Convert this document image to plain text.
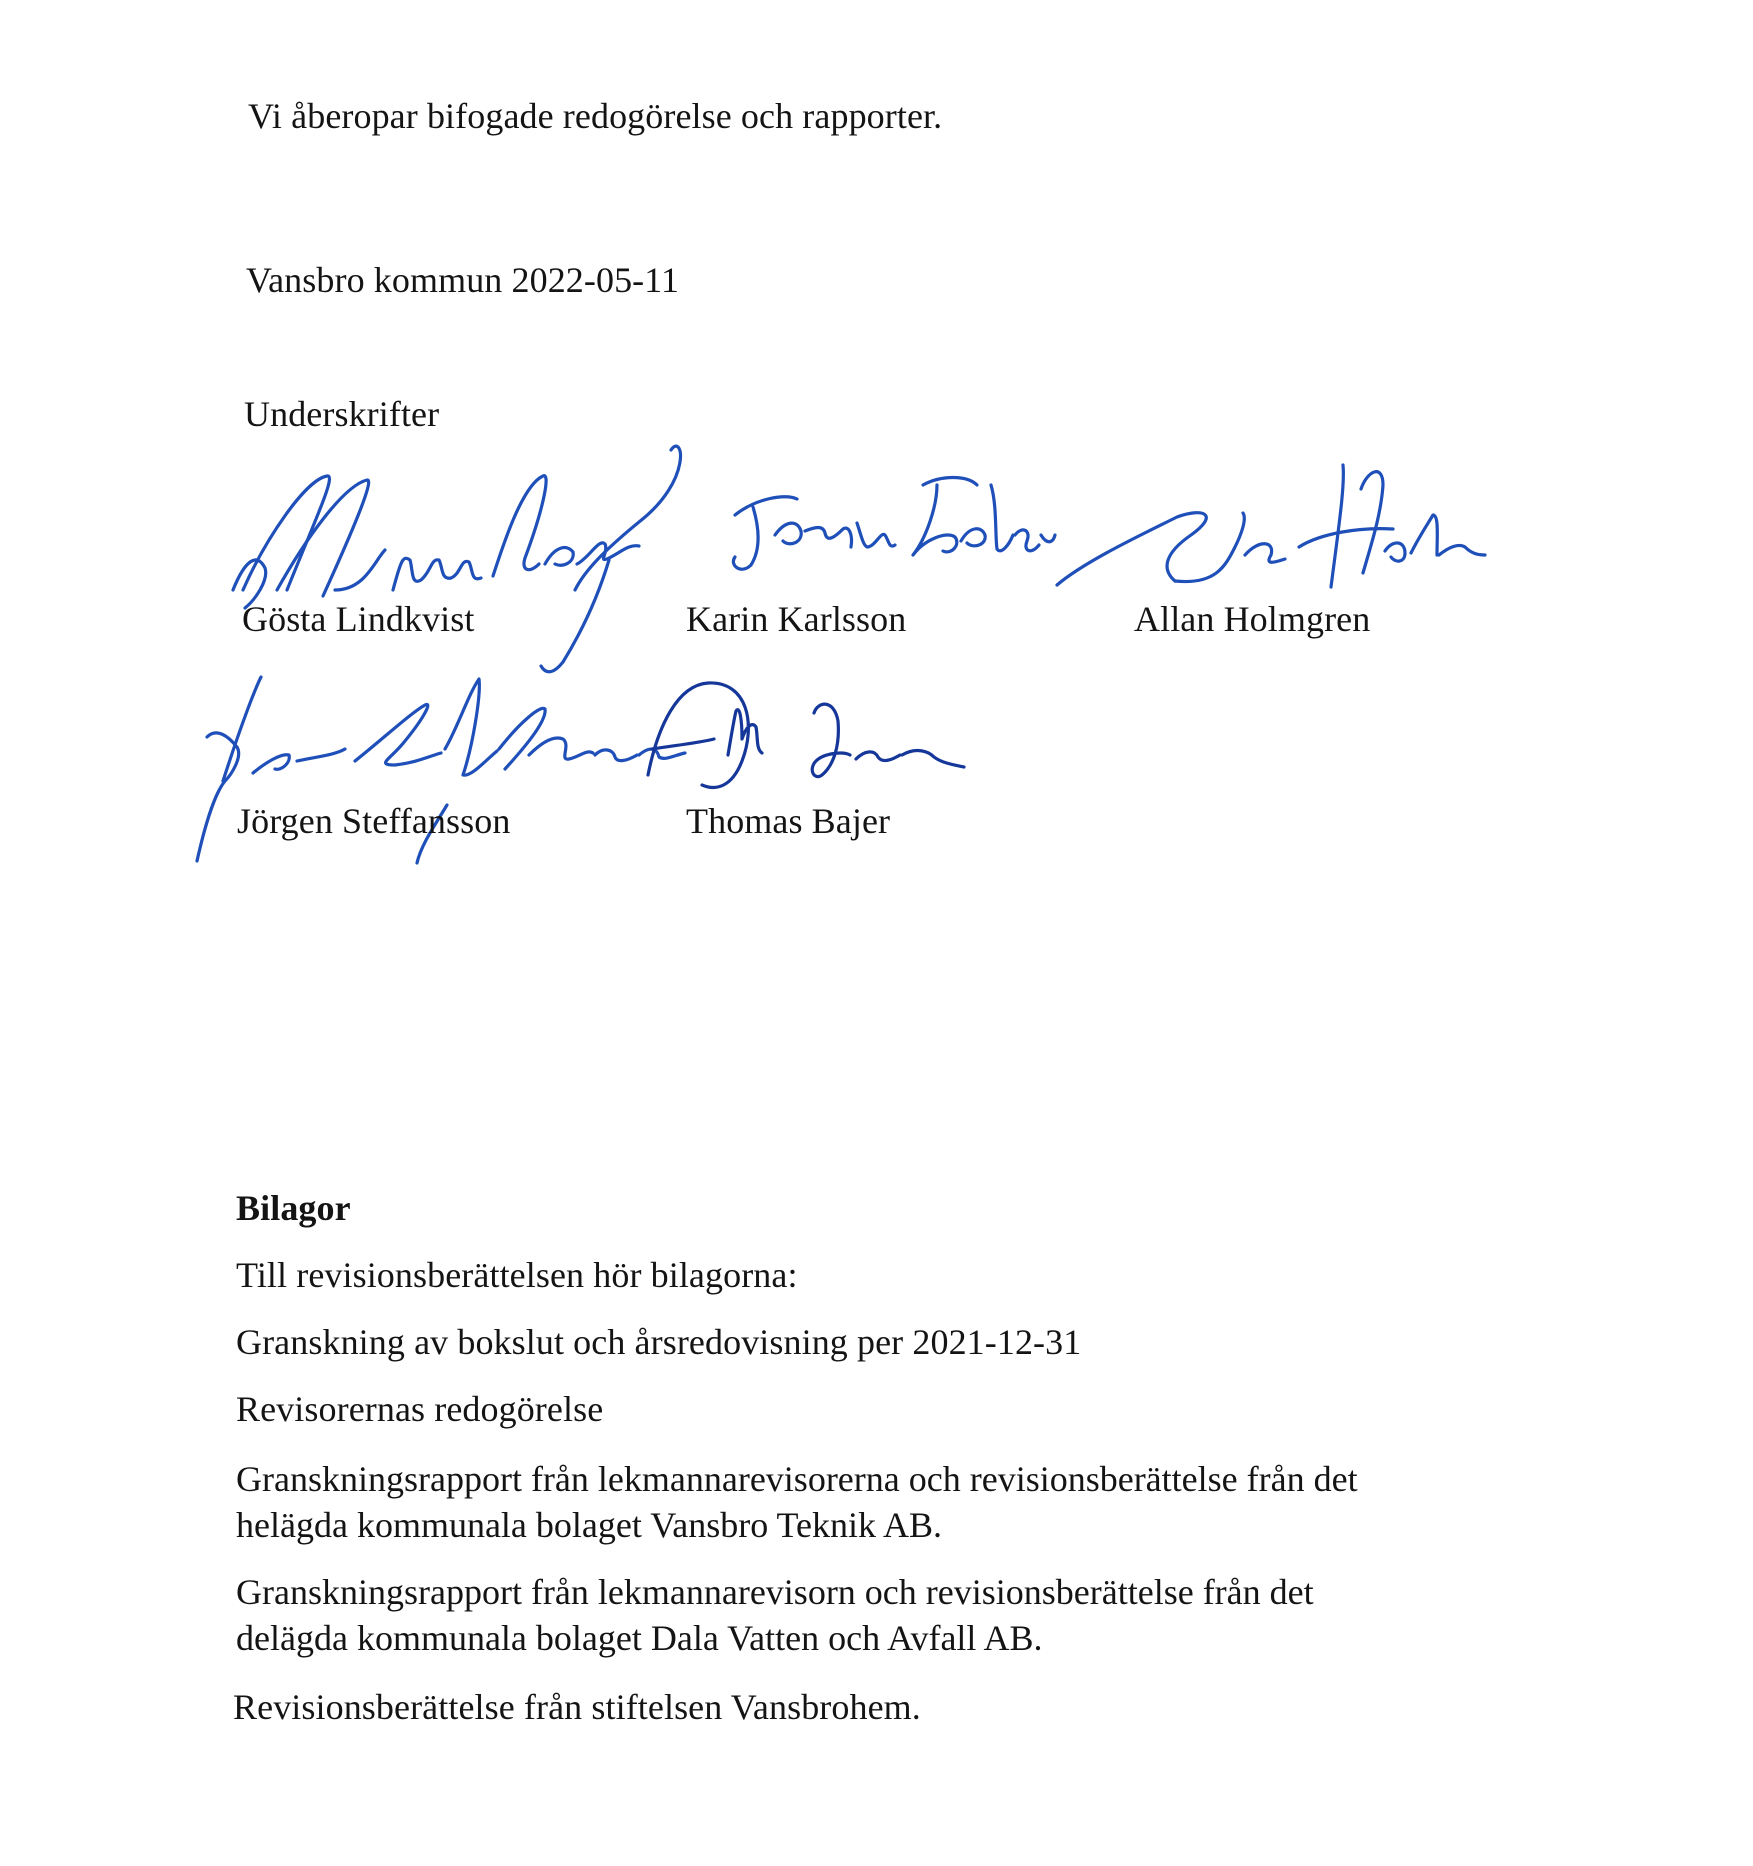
Vi åberopar bifogade redogörelse och rapporter.
Vansbro kommun 2022-05-11
Underskrifter
Gösta Lindkvist	Karin Karlsson	Allan Holmgren
Jörgen Steffansson	Thomas Bajer
Bilagor
Till revisionsberättelsen hör bilagorna:
Granskning av bokslut och årsredovisning per 2021-12-31
Revisorernas redogörelse
Granskningsrapport från lekmannarevisorerna och revisionsberättelse från det
helägda kommunala bolaget Vansbro Teknik AB.
Granskningsrapport från lekmannarevisorn och revisionsberättelse från det
delägda kommunala bolaget Dala Vatten och Avfall AB.
Revisionsberättelse från stiftelsen Vansbrohem.
